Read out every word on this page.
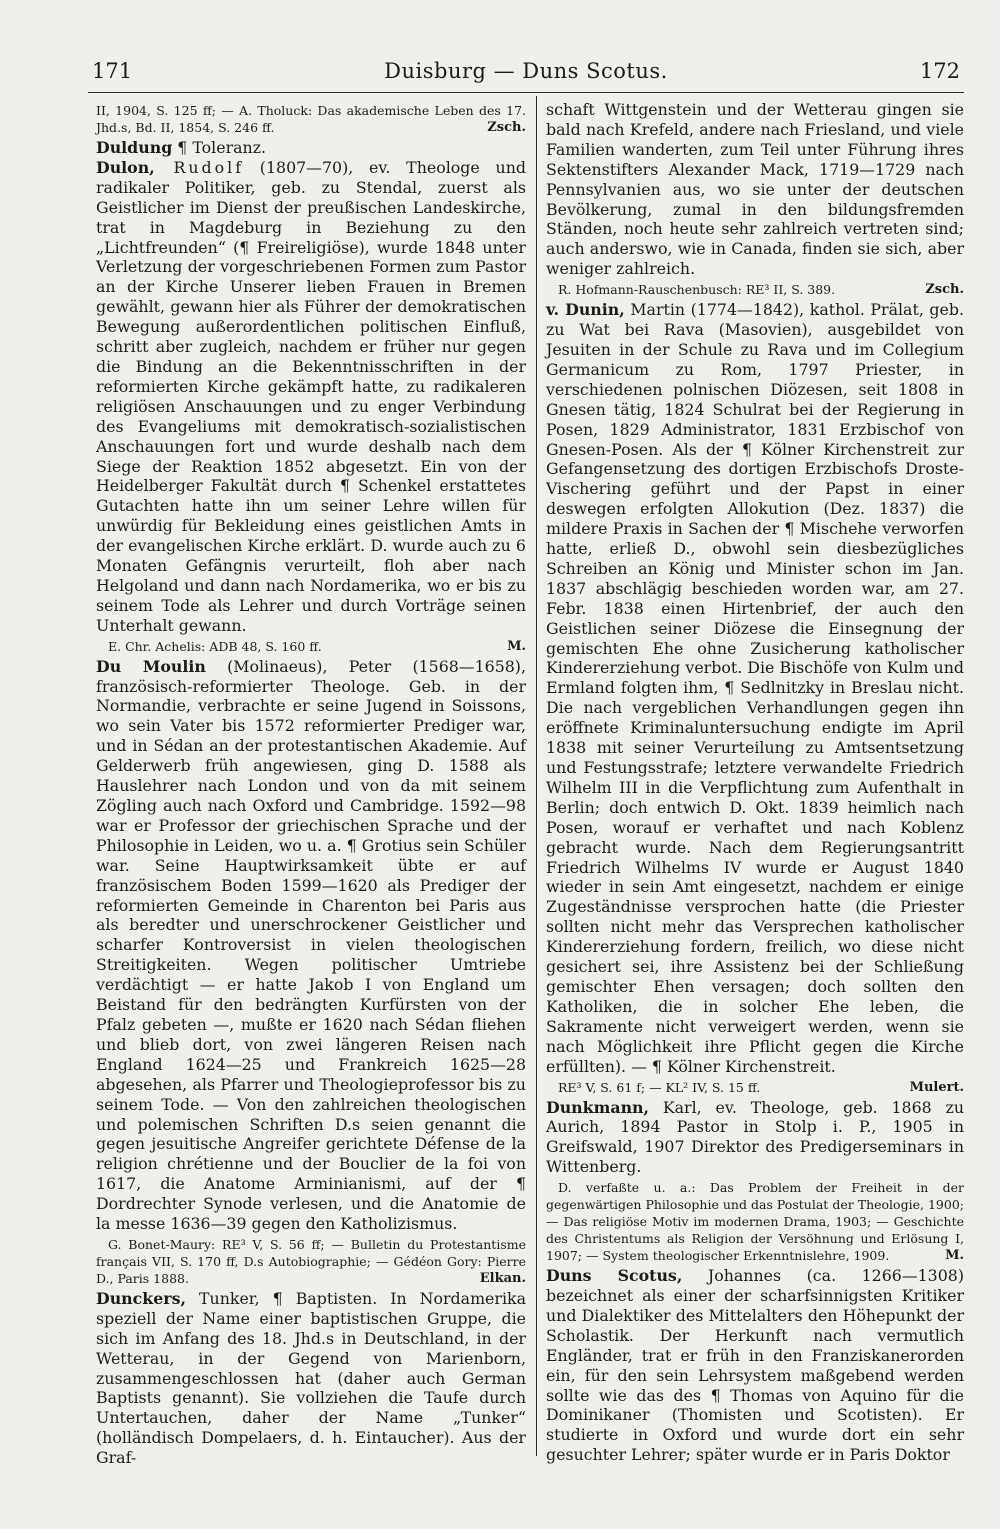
171	Duisburg — Duns Scotus.	172
II, 1904, S. 125 ff; — A. Tholuck: Das akademische Leben des 17. Jhd.s, Bd. II, 1854, S. 246 ff.	Zsch.

Duldung ¶ Toleranz.

Dulon, Rudolf (1807—70), ev. Theologe und radikaler Politiker, geb. zu Stendal, zuerst als Geistlicher im Dienst der preußischen Landeskirche, trat in Magdeburg in Beziehung zu den „Lichtfreunden“ (¶ Freireligiöse), wurde 1848 unter Verletzung der vorgeschriebenen Formen zum Pastor an der Kirche Unserer lieben Frauen in Bremen gewählt, gewann hier als Führer der demokratischen Bewegung außerordentlichen politischen Einfluß, schritt aber zugleich, nachdem er früher nur gegen die Bindung an die Bekenntnisschriften in der reformierten Kirche gekämpft hatte, zu radikaleren religiösen Anschauungen und zu enger Verbindung des Evangeliums mit demokratisch-sozialistischen Anschauungen fort und wurde deshalb nach dem Siege der Reaktion 1852 abgesetzt. Ein von der Heidelberger Fakultät durch ¶ Schenkel erstattetes Gutachten hatte ihn um seiner Lehre willen für unwürdig für Bekleidung eines geistlichen Amts in der evangelischen Kirche erklärt. D. wurde auch zu 6 Monaten Gefängnis verurteilt, floh aber nach Helgoland und dann nach Nordamerika, wo er bis zu seinem Tode als Lehrer und durch Vorträge seinen Unterhalt gewann.

E. Chr. Achelis: ADB 48, S. 160 ff.	M.

Du Moulin (Molinaeus), Peter (1568—1658), französisch-reformierter Theologe. Geb. in der Normandie, verbrachte er seine Jugend in Soissons, wo sein Vater bis 1572 reformierter Prediger war, und in Sédan an der protestantischen Akademie. Auf Gelderwerb früh angewiesen, ging D. 1588 als Hauslehrer nach London und von da mit seinem Zögling auch nach Oxford und Cambridge. 1592—98 war er Professor der griechischen Sprache und der Philosophie in Leiden, wo u. a. ¶ Grotius sein Schüler war. Seine Hauptwirksamkeit übte er auf französischem Boden 1599—1620 als Prediger der reformierten Gemeinde in Charenton bei Paris aus als beredter und unerschrockener Geistlicher und scharfer Kontroversist in vielen theologischen Streitigkeiten. Wegen politischer Umtriebe verdächtigt — er hatte Jakob I von England um Beistand für den bedrängten Kurfürsten von der Pfalz gebeten —, mußte er 1620 nach Sédan fliehen und blieb dort, von zwei längeren Reisen nach England 1624—25 und Frankreich 1625—28 abgesehen, als Pfarrer und Theologieprofessor bis zu seinem Tode. — Von den zahlreichen theologischen und polemischen Schriften D.s seien genannt die gegen jesuitische Angreifer gerichtete Défense de la religion chrétienne und der Bouclier de la foi von 1617, die Anatome Arminianismi, auf der ¶ Dordrechter Synode verlesen, und die Anatomie de la messe 1636—39 gegen den Katholizismus.

G. Bonet-Maury: RE³ V, S. 56 ff; — Bulletin du Protestantisme français VII, S. 170 ff, D.s Autobiographie; — Gédéon Gory: Pierre D., Paris 1888.	Elkan.

Dunckers, Tunker, ¶ Baptisten. In Nordamerika speziell der Name einer baptistischen Gruppe, die sich im Anfang des 18. Jhd.s in Deutschland, in der Wetterau, in der Gegend von Marienborn, zusammengeschlossen hat (daher auch German Baptists genannt). Sie vollziehen die Taufe durch Untertauchen, daher der Name „Tunker“ (holländisch Dompelaers, d. h. Eintaucher). Aus der Graf-

schaft Wittgenstein und der Wetterau gingen sie bald nach Krefeld, andere nach Friesland, und viele Familien wanderten, zum Teil unter Führung ihres Sektenstifters Alexander Mack, 1719—1729 nach Pennsylvanien aus, wo sie unter der deutschen Bevölkerung, zumal in den bildungsfremden Ständen, noch heute sehr zahlreich vertreten sind; auch anderswo, wie in Canada, finden sie sich, aber weniger zahlreich.

R. Hofmann-Rauschenbusch: RE³ II, S. 389.	Zsch.

v. Dunin, Martin (1774—1842), kathol. Prälat, geb. zu Wat bei Rava (Masovien), ausgebildet von Jesuiten in der Schule zu Rava und im Collegium Germanicum zu Rom, 1797 Priester, in verschiedenen polnischen Diözesen, seit 1808 in Gnesen tätig, 1824 Schulrat bei der Regierung in Posen, 1829 Administrator, 1831 Erzbischof von Gnesen-Posen. Als der ¶ Kölner Kirchenstreit zur Gefangensetzung des dortigen Erzbischofs Droste-Vischering geführt und der Papst in einer deswegen erfolgten Allokution (Dez. 1837) die mildere Praxis in Sachen der ¶ Mischehe verworfen hatte, erließ D., obwohl sein diesbezügliches Schreiben an König und Minister schon im Jan. 1837 abschlägig beschieden worden war, am 27. Febr. 1838 einen Hirtenbrief, der auch den Geistlichen seiner Diözese die Einsegnung der gemischten Ehe ohne Zusicherung katholischer Kindererziehung verbot. Die Bischöfe von Kulm und Ermland folgten ihm, ¶ Sedlnitzky in Breslau nicht. Die nach vergeblichen Verhandlungen gegen ihn eröffnete Kriminaluntersuchung endigte im April 1838 mit seiner Verurteilung zu Amtsentsetzung und Festungsstrafe; letztere verwandelte Friedrich Wilhelm III in die Verpflichtung zum Aufenthalt in Berlin; doch entwich D. Okt. 1839 heimlich nach Posen, worauf er verhaftet und nach Koblenz gebracht wurde. Nach dem Regierungsantritt Friedrich Wilhelms IV wurde er August 1840 wieder in sein Amt eingesetzt, nachdem er einige Zugeständnisse versprochen hatte (die Priester sollten nicht mehr das Versprechen katholischer Kindererziehung fordern, freilich, wo diese nicht gesichert sei, ihre Assistenz bei der Schließung gemischter Ehen versagen; doch sollten den Katholiken, die in solcher Ehe leben, die Sakramente nicht verweigert werden, wenn sie nach Möglichkeit ihre Pflicht gegen die Kirche erfüllten). — ¶ Kölner Kirchenstreit.

RE³ V, S. 61 f; — KL² IV, S. 15 ff.	Mulert.

Dunkmann, Karl, ev. Theologe, geb. 1868 zu Aurich, 1894 Pastor in Stolp i. P., 1905 in Greifswald, 1907 Direktor des Predigerseminars in Wittenberg.

D. verfaßte u. a.: Das Problem der Freiheit in der gegenwärtigen Philosophie und das Postulat der Theologie, 1900; — Das religiöse Motiv im modernen Drama, 1903; — Geschichte des Christentums als Religion der Versöhnung und Erlösung I, 1907; — System theologischer Erkenntnislehre, 1909.	M.

Duns Scotus, Johannes (ca. 1266—1308) bezeichnet als einer der scharfsinnigsten Kritiker und Dialektiker des Mittelalters den Höhepunkt der Scholastik. Der Herkunft nach vermutlich Engländer, trat er früh in den Franziskanerorden ein, für den sein Lehrsystem maßgebend werden sollte wie das des ¶ Thomas von Aquino für die Dominikaner (Thomisten und Scotisten). Er studierte in Oxford und wurde dort ein sehr gesuchter Lehrer; später wurde er in Paris Doktor
